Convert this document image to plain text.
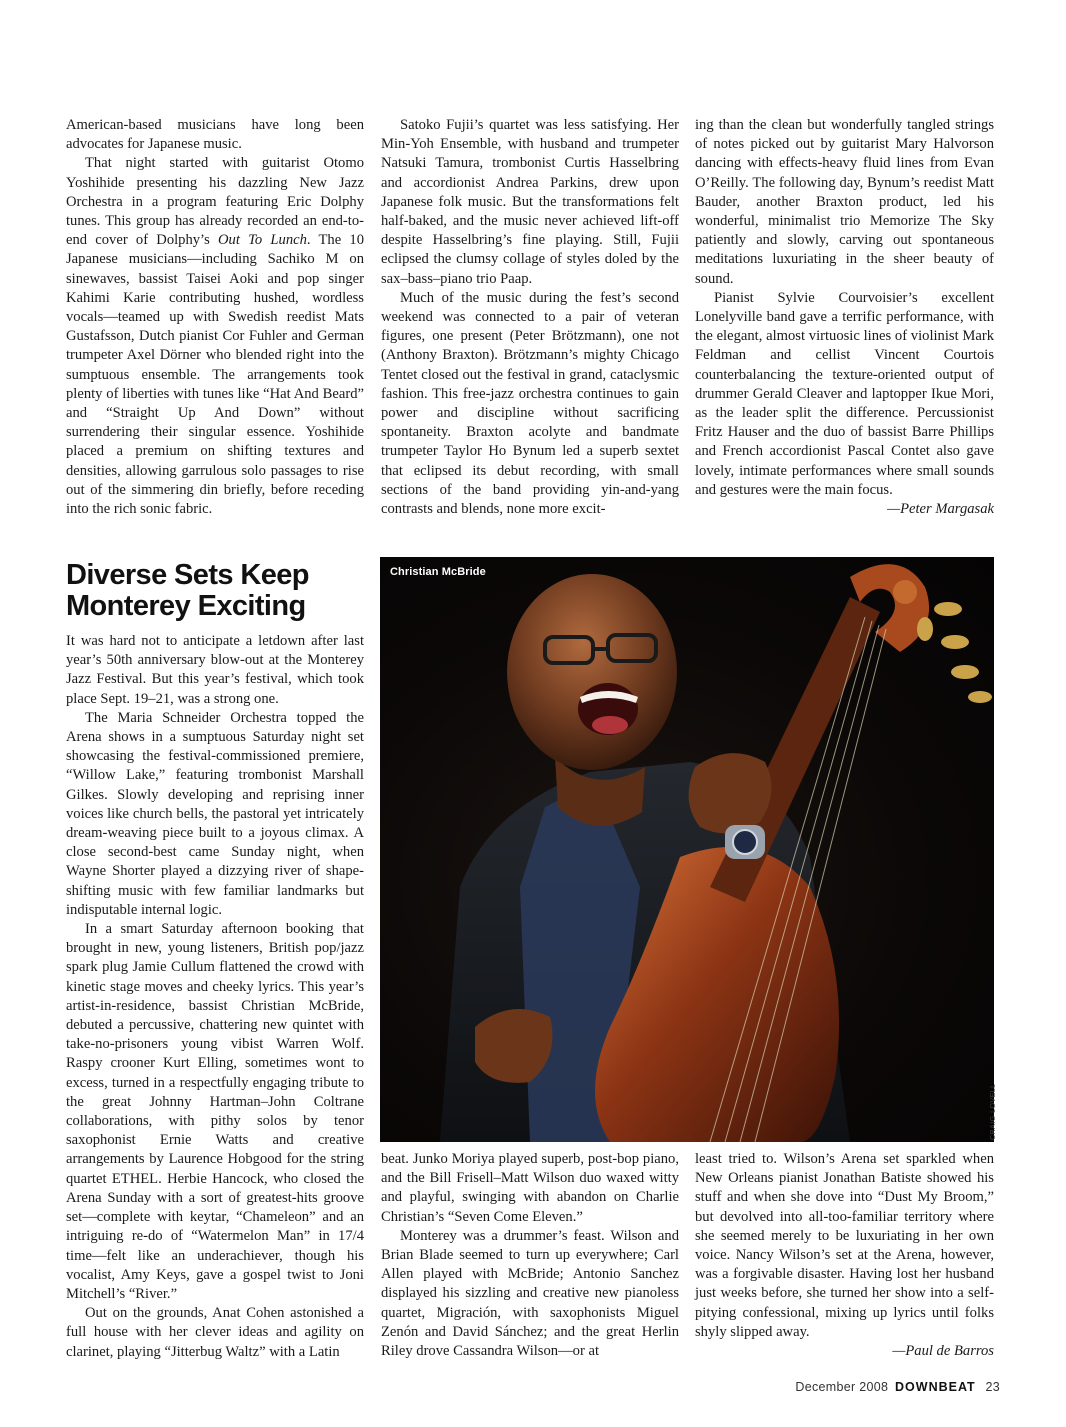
American-based musicians have long been advocates for Japanese music.

That night started with guitarist Otomo Yoshihide presenting his dazzling New Jazz Orchestra in a program featuring Eric Dolphy tunes. This group has already recorded an end-to-end cover of Dolphy’s Out To Lunch. The 10 Japanese musicians—including Sachiko M on sinewaves, bassist Taisei Aoki and pop singer Kahimi Karie contributing hushed, wordless vocals—teamed up with Swedish reedist Mats Gustafsson, Dutch pianist Cor Fuhler and German trumpeter Axel Dörner who blended right into the sumptuous ensemble. The arrangements took plenty of liberties with tunes like “Hat And Beard” and “Straight Up And Down” without surrendering their singular essence. Yoshihide placed a premium on shifting textures and densities, allowing garrulous solo passages to rise out of the simmering din briefly, before receding into the rich sonic fabric.

Satoko Fujii’s quartet was less satisfying. Her Min-Yoh Ensemble, with husband and trumpeter Natsuki Tamura, trombonist Curtis Hasselbring and accordionist Andrea Parkins, drew upon Japanese folk music. But the transformations felt half-baked, and the music never achieved lift-off despite Hasselbring’s fine playing. Still, Fujii eclipsed the clumsy collage of styles doled by the sax–bass–piano trio Paap.

Much of the music during the fest’s second weekend was connected to a pair of veteran figures, one present (Peter Brötzmann), one not (Anthony Braxton). Brötzmann’s mighty Chicago Tentet closed out the festival in grand, cataclysmic fashion. This free-jazz orchestra continues to gain power and discipline without sacrificing spontaneity. Braxton acolyte and bandmate trumpeter Taylor Ho Bynum led a superb sextet that eclipsed its debut recording, with small sections of the band providing yin-and-yang contrasts and blends, none more excit-

ing than the clean but wonderfully tangled strings of notes picked out by guitarist Mary Halvorson dancing with effects-heavy fluid lines from Evan O’Reilly. The following day, Bynum’s reedist Matt Bauder, another Braxton product, led his wonderful, minimalist trio Memorize The Sky patiently and slowly, carving out spontaneous meditations luxuriating in the sheer beauty of sound.

Pianist Sylvie Courvoisier’s excellent Lonelyville band gave a terrific performance, with the elegant, almost virtuosic lines of violinist Mark Feldman and cellist Vincent Courtois counterbalancing the texture-oriented output of drummer Gerald Cleaver and laptopper Ikue Mori, as the leader split the difference. Percussionist Fritz Hauser and the duo of bassist Barre Phillips and French accordionist Pascal Contet also gave lovely, intimate performances where small sounds and gestures were the main focus.
—Peter Margasak

Diverse Sets Keep Monterey Exciting

It was hard not to anticipate a letdown after last year’s 50th anniversary blow-out at the Monterey Jazz Festival. But this year’s festival, which took place Sept. 19–21, was a strong one.

The Maria Schneider Orchestra topped the Arena shows in a sumptuous Saturday night set showcasing the festival-commissioned premiere, “Willow Lake,” featuring trombonist Marshall Gilkes. Slowly developing and reprising inner voices like church bells, the pastoral yet intricately dream-weaving piece built to a joyous climax. A close second-best came Sunday night, when Wayne Shorter played a dizzying river of shape-shifting music with few familiar landmarks but indisputable internal logic.

In a smart Saturday afternoon booking that brought in new, young listeners, British pop/jazz spark plug Jamie Cullum flattened the crowd with kinetic stage moves and cheeky lyrics. This year’s artist-in-residence, bassist Christian McBride, debuted a percussive, chattering new quintet with take-no-prisoners young vibist Warren Wolf. Raspy crooner Kurt Elling, sometimes wont to excess, turned in a respectfully engaging tribute to the great Johnny Hartman–John Coltrane collaborations, with pithy solos by tenor saxophonist Ernie Watts and creative arrangements by Laurence Hobgood for the string quartet ETHEL. Herbie Hancock, who closed the Arena Sunday with a sort of greatest-hits groove set—complete with keytar, “Chameleon” and an intriguing re-do of “Watermelon Man” in 17/4 time—felt like an underachiever, though his vocalist, Amy Keys, gave a gospel twist to Joni Mitchell’s “River.”

Out on the grounds, Anat Cohen astonished a full house with her clever ideas and agility on clarinet, playing “Jitterbug Waltz” with a Latin

Christian McBride
CRAIG LOVELL

beat. Junko Moriya played superb, post-bop piano, and the Bill Frisell–Matt Wilson duo waxed witty and playful, swinging with abandon on Charlie Christian’s “Seven Come Eleven.”

Monterey was a drummer’s feast. Wilson and Brian Blade seemed to turn up everywhere; Carl Allen played with McBride; Antonio Sanchez displayed his sizzling and creative new pianoless quartet, Migración, with saxophonists Miguel Zenón and David Sánchez; and the great Herlin Riley drove Cassandra Wilson—or at

least tried to. Wilson’s Arena set sparkled when New Orleans pianist Jonathan Batiste showed his stuff and when she dove into “Dust My Broom,” but devolved into all-too-familiar territory where she seemed merely to be luxuriating in her own voice. Nancy Wilson’s set at the Arena, however, was a forgivable disaster. Having lost her husband just weeks before, she turned her show into a self-pitying confessional, mixing up lyrics until folks shyly slipped away.

—Paul de Barros

December 2008 DOWNBEAT 23
